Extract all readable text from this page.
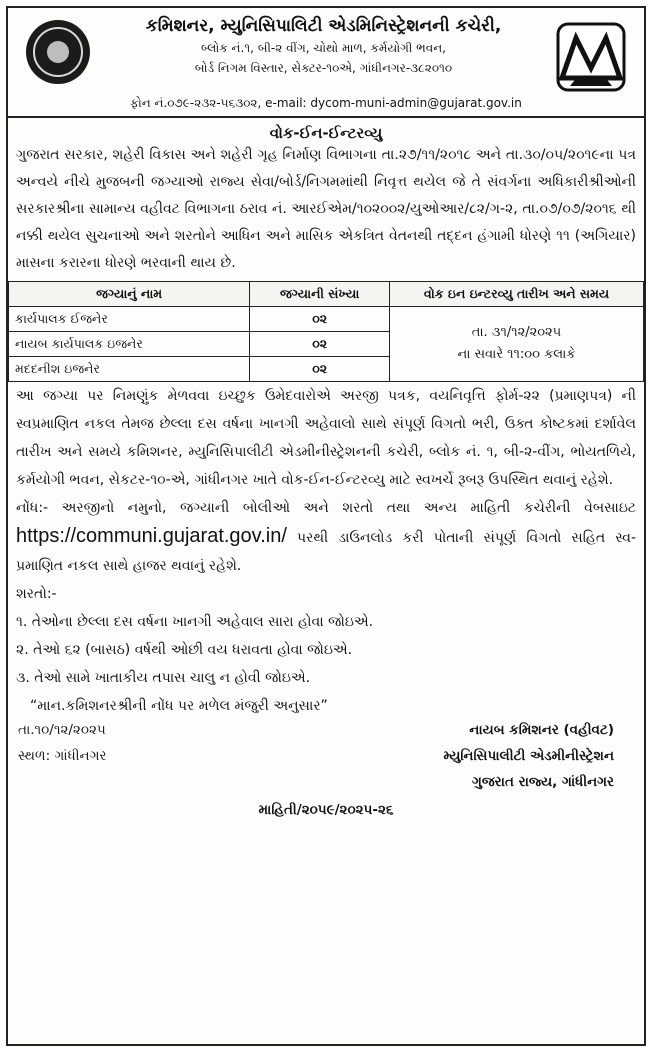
કમિશનર, મ્યુનિસિપાલિટી એડમિનિસ્ટ્રેશનની કચેરી,
બ્લોક નં.૧, બી-૨ વીંગ, ચોથો માળ, કર્મયોગી ભવન,
બોર્ડ નિગમ વિસ્તાર, સેક્ટર-૧૦એ, ગાંધીનગર-૩૮૨૦૧૦
ફોન નં.૦૭૯-૨૩૨-૫૬૩૦૨, e-mail: dycom-muni-admin@gujarat.gov.in
વોક-ઈન-ઈન્ટરવ્યુ
ગુજરાત સરકાર, શહેરી વિકાસ અને શહેરી ગૃહ નિર્માણ વિભાગના તા.૨૭/૧૧/૨૦૧૮ અને તા.૩૦/૦૫/૨૦૧૯ના પત્ર અન્વયે નીચે મુજબની જગ્યાઓ રાજ્ય સેવા/બોર્ડ/નિગમમાંથી નિવૃત્ત થયેલ જે તે સંવર્ગના અધિકારીશ્રીઓની સરકારશ્રીના સામાન્ય વહીવટ વિભાગના ઠરાવ નં. આરઈએમ/૧૦૨૦૦૨/યુઓઆર/૮૨/ગ-૨, તા.૦૭/૦૭/૨૦૧૬ થી નક્કી થયેલ સુચનાઓ અને શરતોને આધિન અને માસિક એકત્રિત વેતનથી તદ્દન હંગામી ધોરણે ૧૧ (અગિયાર) માસના કરારના ધોરણે ભરવાની થાય છે.
જગ્યાનું નામ	જગ્યાની સંખ્યા	વોક ઇન ઇન્ટરવ્યુ તારીખ અને સમય
કાર્યપાલક ઈજનેર	૦૨	તા. ૩૧/૧૨/૨૦૨૫
ના સવારે ૧૧:૦૦ કલાકે

નાયબ કાર્યપાલક ઇજનેર	૦૨	
મદદનીશ ઇજનેર	૦૨	
આ જગ્યા પર નિમણુંક મેળવવા ઇચ્છુક ઉમેદવારોએ અરજી પત્રક, વયનિવૃત્તિ ફોર્મ-૨૨ (પ્રમાણપત્ર) ની સ્વપ્રમાણિત નકલ તેમજ છેલ્લા દસ વર્ષના ખાનગી અહેવાલો સાથે સંપૂર્ણ વિગતો ભરી, ઉક્ત કોષ્ટકમાં દર્શાવેલ તારીખ અને સમયે કમિશનર, મ્યુનિસિપાલીટી એડમીનીસ્ટ્રેશનની કચેરી, બ્લોક નં. ૧, બી-૨-વીંગ, ભોયતળિયે, કર્મયોગી ભવન, સેકટર-૧૦-એ, ગાંધીનગર ખાતે વોક-ઈન-ઈન્ટરવ્યુ માટે સ્વખર્ચે રૂબરૂ ઉપસ્થિત થવાનું રહેશે.
નોંધ:- અરજીનો નમુનો, જગ્યાની બોલીઓ અને શરતો તથા અન્ય માહિતી કચેરીની વેબસાઇટ https://communi.gujarat.gov.in/ પરથી ડાઉનલોડ કરી પોતાની સંપૂર્ણ વિગતો સહિત સ્વ-પ્રમાણિત નકલ સાથે હાજર થવાનું રહેશે.
શરતો:-
૧. તેઓના છેલ્લા દસ વર્ષના ખાનગી અહેવાલ સારા હોવા જોઇએ.
૨. તેઓ ૬૨ (બાસઠ) વર્ષથી ઓછી વય ધરાવતા હોવા જોઇએ.
૩. તેઓ સામે ખાતાકીય તપાસ ચાલુ ન હોવી જોઇએ.
“માન.કમિશનરશ્રીની નોંધ પર મળેલ મંજુરી અનુસાર”
તા.૧૦/૧૨/૨૦૨૫	નાયબ કમિશનર (વહીવટ)
સ્થળ: ગાંધીનગર	મ્યુનિસિપાલીટી એડમીનીસ્ટ્રેશન
ગુજરાત રાજ્ય, ગાંધીનગર
માહિતી/૨૦૫૯/૨૦૨૫-૨૬
